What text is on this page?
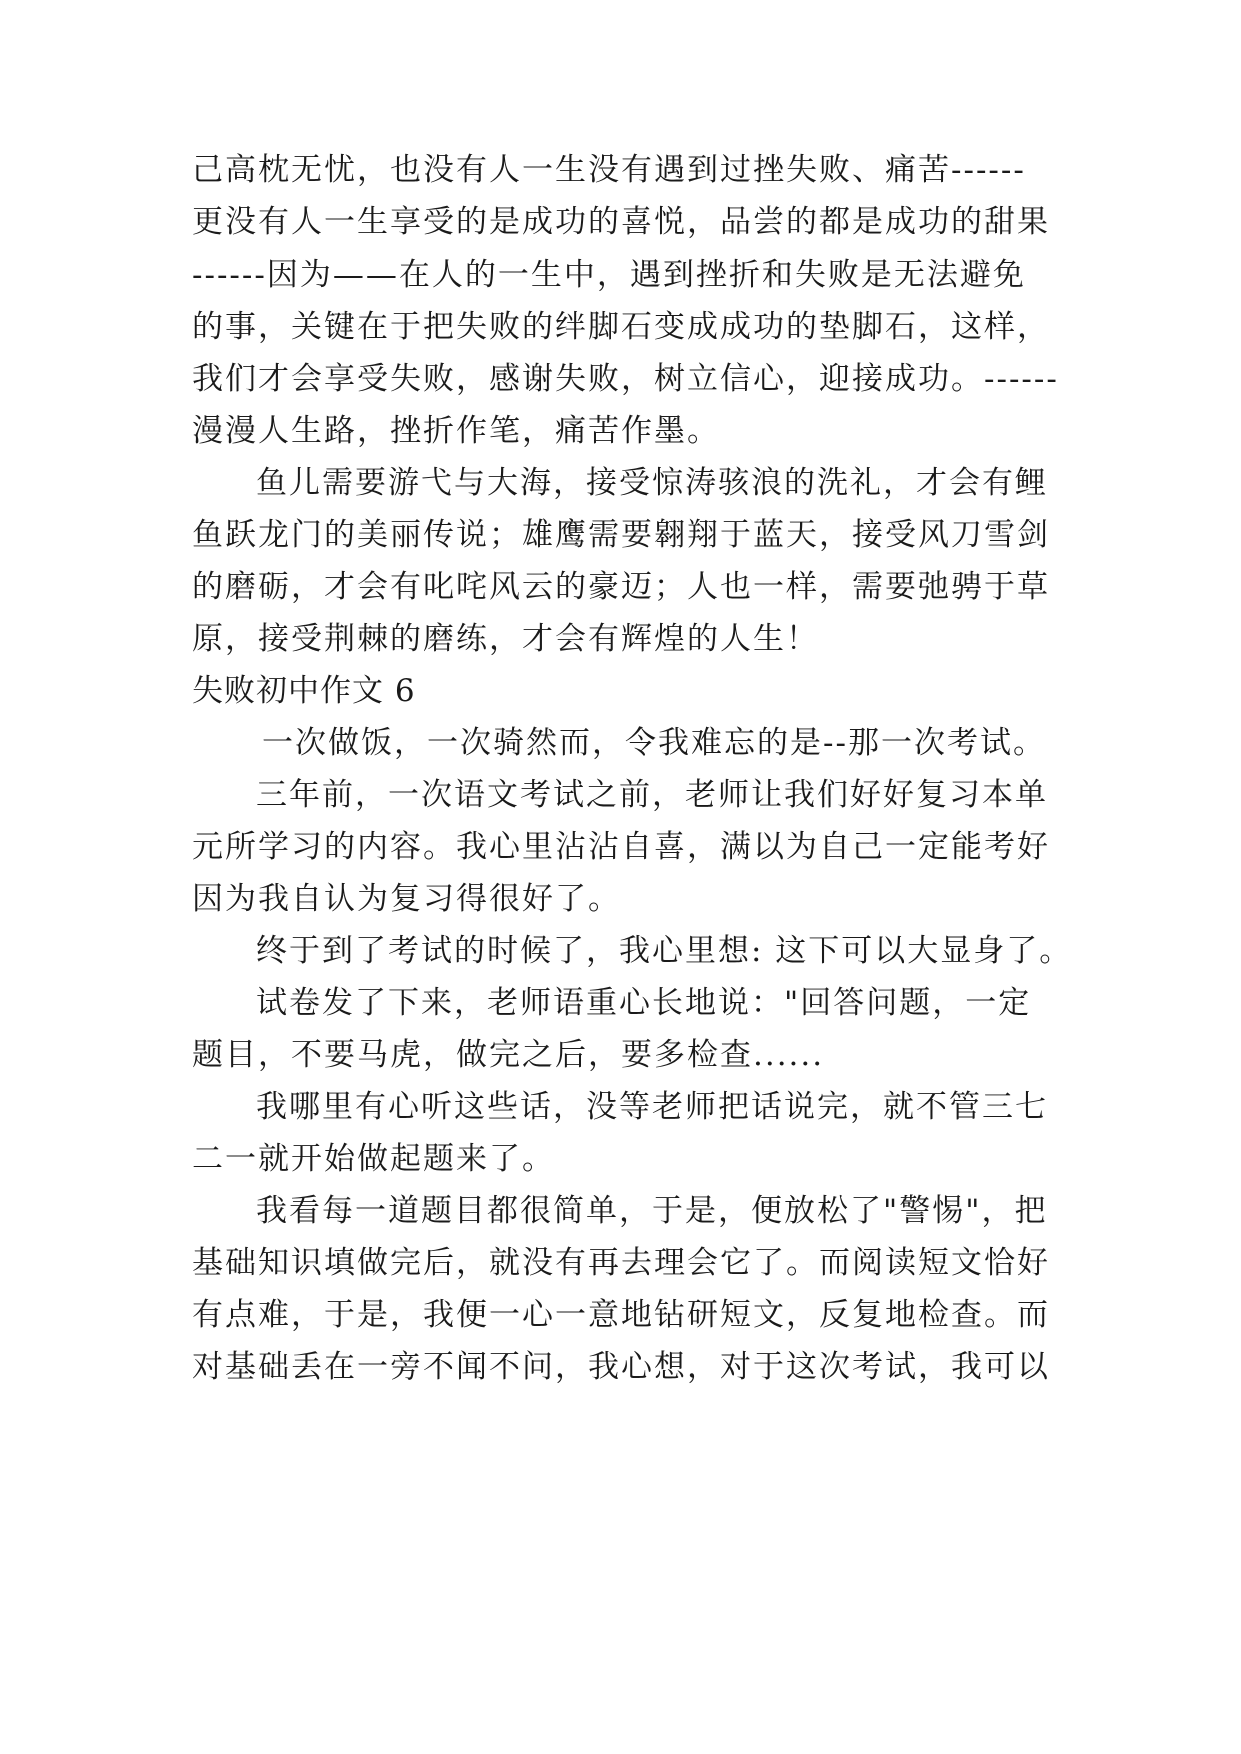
己高枕无忧，也没有人一生没有遇到过挫失败、痛苦------
更没有人一生享受的是成功的喜悦，品尝的都是成功的甜果
------因为——在人的一生中，遇到挫折和失败是无法避免
的事，关键在于把失败的绊脚石变成成功的垫脚石，这样，
我们才会享受失败，感谢失败，树立信心，迎接成功。------
漫漫人生路，挫折作笔，痛苦作墨。
鱼儿需要游弋与大海，接受惊涛骇浪的洗礼，才会有鲤
鱼跃龙门的美丽传说；雄鹰需要翱翔于蓝天，接受风刀雪剑
的磨砺，才会有叱咤风云的豪迈；人也一样，需要弛骋于草
原，接受荆棘的磨练，才会有辉煌的人生！
失败初中作文 6
一次做饭，一次骑然而，令我难忘的是--那一次考试。
三年前，一次语文考试之前，老师让我们好好复习本单
元所学习的内容。我心里沾沾自喜，满以为自己一定能考好
因为我自认为复习得很好了。
终于到了考试的时候了，我心里想: 这下可以大显身了。
试卷发了下来，老师语重心长地说："回答问题，一定
题目，不要马虎，做完之后，要多检查......
我哪里有心听这些话，没等老师把话说完，就不管三七
二一就开始做起题来了。
我看每一道题目都很简单，于是，便放松了"警惕"，把
基础知识填做完后，就没有再去理会它了。而阅读短文恰好
有点难，于是，我便一心一意地钻研短文，反复地检查。而
对基础丢在一旁不闻不问，我心想，对于这次考试，我可以
